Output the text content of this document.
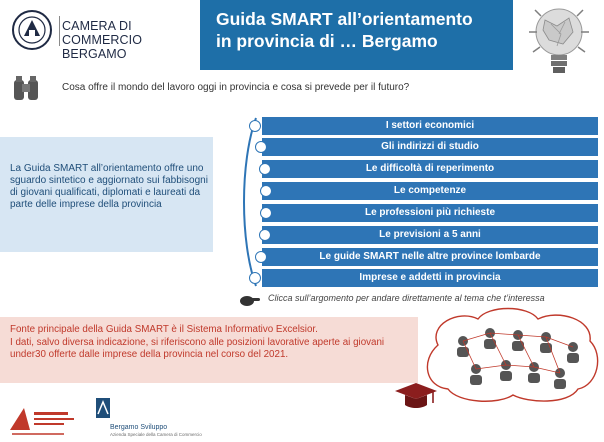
CAMERA DI COMMERCIO BERGAMO
Guida SMART all’orientamento
in provincia di … Bergamo
Cosa offre il mondo del lavoro oggi in provincia e cosa si prevede per il futuro?
La Guida SMART all’orientamento offre uno sguardo sintetico e aggiornato sui fabbisogni di giovani qualificati, diplomati e laureati da parte delle imprese della provincia
I settori economici
Gli indirizzi di studio
Le difficoltà di reperimento
Le competenze
Le professioni più richieste
Le previsioni a 5 anni
Le guide SMART nelle altre province lombarde
Imprese e addetti in provincia
Clicca sull’argomento per andare direttamente al tema che t’interessa
Fonte principale della Guida SMART è il Sistema Informativo Excelsior.
I dati, salvo diversa indicazione, si riferiscono alle posizioni lavorative aperte ai giovani under30 offerte dalle imprese della provincia nel corso del 2021.
Bergamo Sviluppo
Azienda Speciale della Camera di Commercio
